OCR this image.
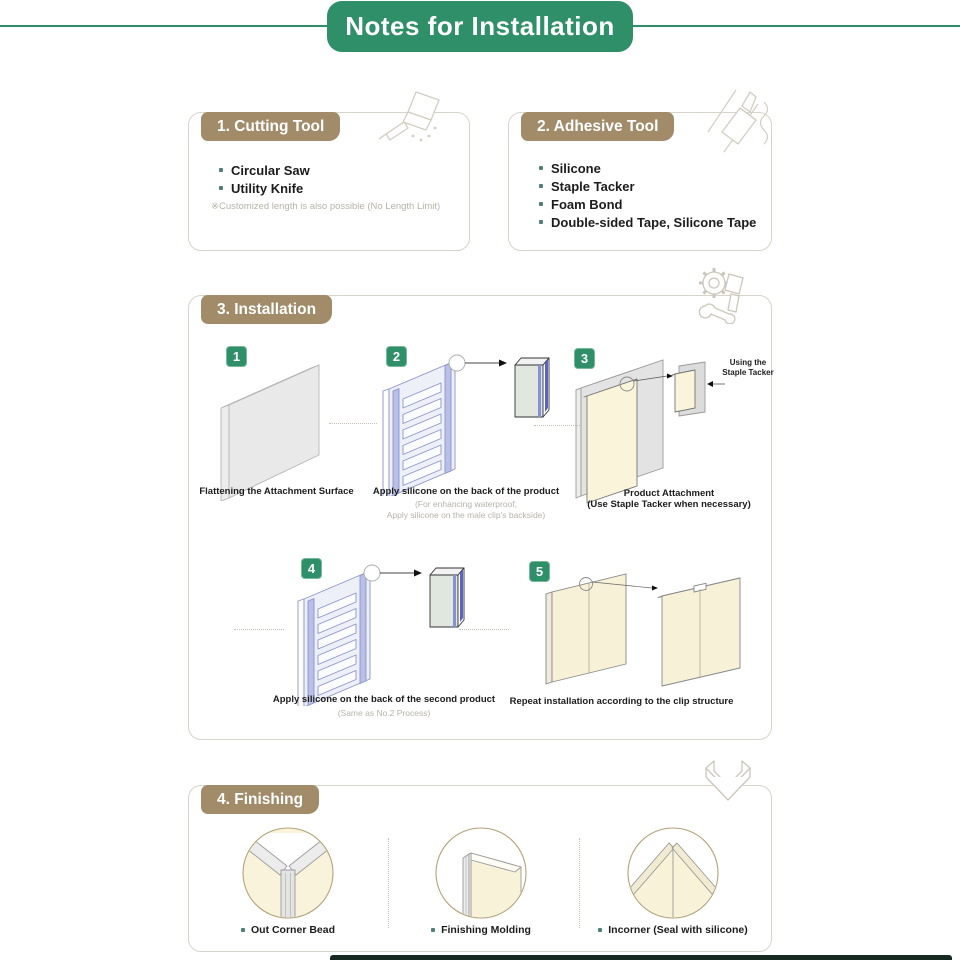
Notes for Installation
1. Cutting Tool
Circular Saw
Utility Knife
※Customized length is also possible (No Length Limit)
2. Adhesive Tool
Silicone
Staple Tacker
Foam Bond
Double-sided Tape, Silicone Tape
3. Installation
1	2	3
4	5
Using the
Staple Tacker
Flattening the Attachment Surface	Apply silicone on the back of the product
(For enhancing waterproof,
Apply silicone on the male clip's backside)
Product Attachment
(Use Staple Tacker when necessary)
Apply silicone on the back of the second product
(Same as No.2 Process)
Repeat installation according to the clip structure
4. Finishing
Out Corner Bead	Finishing Molding	Incorner (Seal with silicone)
